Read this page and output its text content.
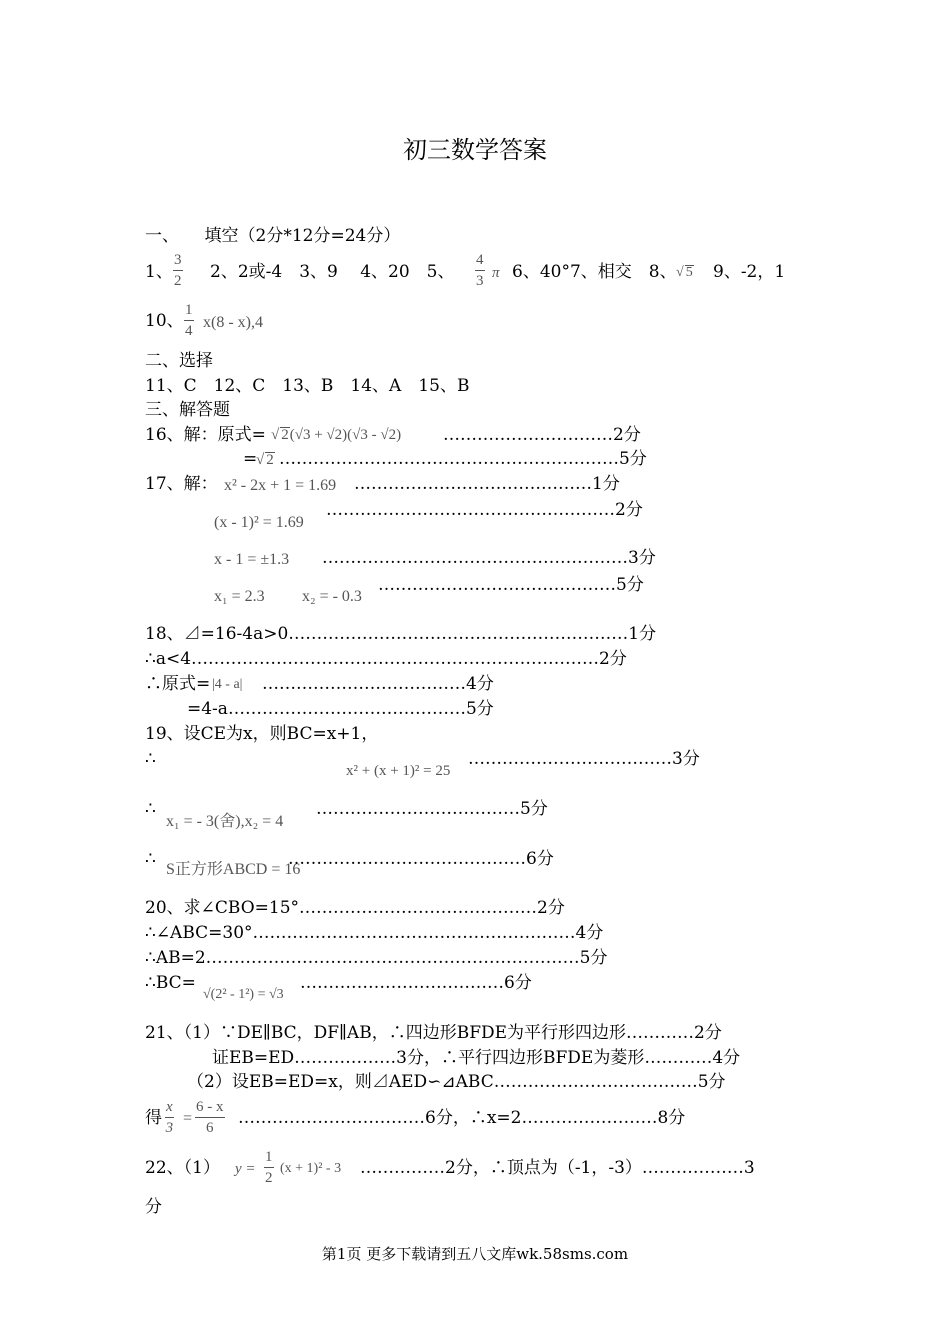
初三数学答案
一、　　填空（2分*12分=24分）
1、 $\frac{3}{2} 2$、2或-4　3、9　 4、20　5、 $\frac{4}{3}$ π 6、40°7、相交　8、 √ 5 9、-2，1
10、 $\frac{1}{4} x(8 - x),4$
二、选择
11、C　12、C　13、B　14、A　15、B
三、解答题
16、解：原式= √ 2(√3 + √2)(√3 - √2) …………………………2分
=
√ 2 ……………………………………………………5分
17、解： x² - 2x + 1 = 1.69 ……………………………………1分
……………………………………………2分
(x - 1)² = 1.69
x - 1 = ±1.3 ………………………………………………3分
……………………………………5分
x₁ = 2.3 x₂ = - 0.3
18、⊿=16-4a>0……………………………………………………1分
∴a<4………………………………………………………………2分
∴原式= |4 - a| ………………………………4分
=4-a……………………………………5分
19、设CE为x，则BC=x+1，
∴
x² + (x + 1)² = 25
………………………………3分
∴
x₁ = - 3(舍),x₂ = 4
………………………………5分
∴
S正方形ABCD = 16
……………………………………6分
20、求∠CBO=15°……………………………………2分
∴∠ABC=30°…………………………………………………4分
∴AB=2…………………………………………………………5分
∴BC=
√(2² - 1²) = √3
………………………………6分
21、（1）∵DE∥BC，DF∥AB，∴四边形BFDE为平行形四边形…………2分
证EB=ED………………3分，∴平行四边形BFDE为菱形…………4分
（2）设EB=ED=x，则⊿AED∽⊿ABC………………………………5分
得 $\frac{x}{3} = \frac{6 - x}{6}$ ……………………………6分，∴x=2……………………8分
22、（1） $y = \frac{1}{2} (x + 1)^2 - 3$ ……………2分，∴顶点为（-1，-3）………………3
分
第1页 更多下载请到五八文库wk.58sms.com
